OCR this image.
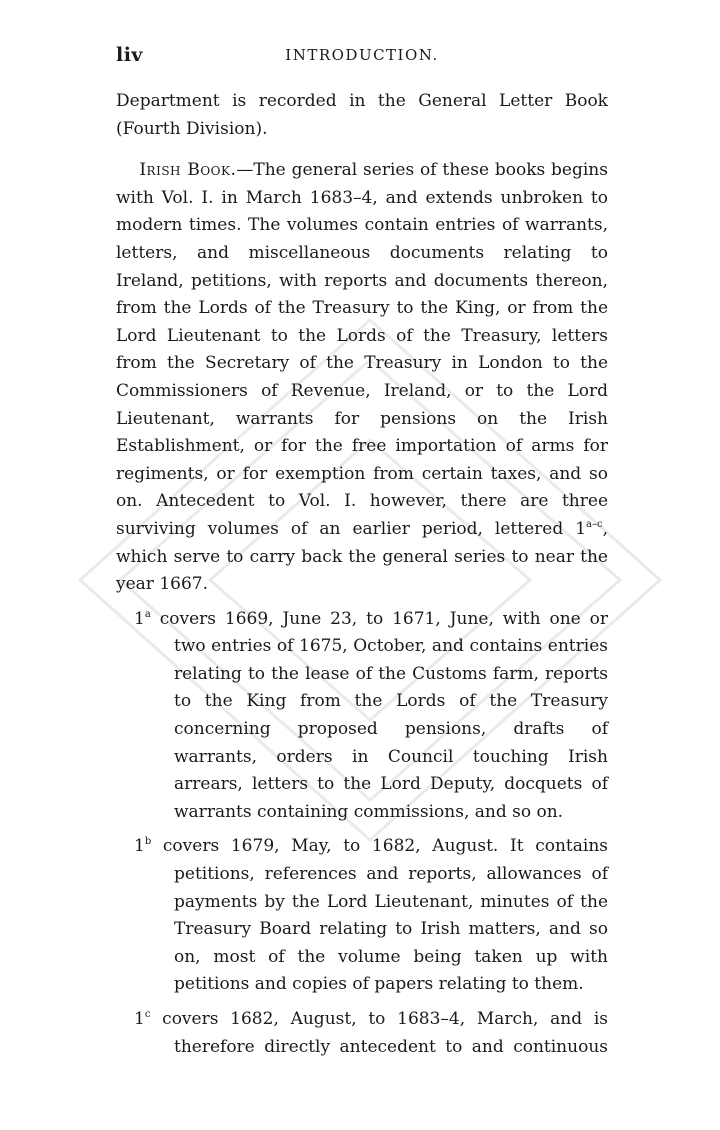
liv	INTRODUCTION.

Department is recorded in the General Letter Book (Fourth Division).

Irish Book.—The general series of these books begins with Vol. I. in March 1683–4, and extends unbroken to modern times. The volumes contain entries of warrants, letters, and miscellaneous documents relating to Ireland, petitions, with reports and documents thereon, from the Lords of the Treasury to the King, or from the Lord Lieutenant to the Lords of the Treasury, letters from the Secretary of the Treasury in London to the Commissioners of Revenue, Ireland, or to the Lord Lieutenant, warrants for pensions on the Irish Establishment, or for the free importation of arms for regiments, or for exemption from certain taxes, and so on. Antecedent to Vol. I. however, there are three surviving volumes of an earlier period, lettered 1$^{a-c}$, which serve to carry back the general series to near the year 1667.

1$^a$ covers 1669, June 23, to 1671, June, with one or two entries of 1675, October, and contains entries relating to the lease of the Customs farm, reports to the King from the Lords of the Treasury concerning proposed pensions, drafts of warrants, orders in Council touching Irish arrears, letters to the Lord Deputy, docquets of warrants containing commissions, and so on.

1$^b$ covers 1679, May, to 1682, August. It contains petitions, references and reports, allowances of payments by the Lord Lieutenant, minutes of the Treasury Board relating to Irish matters, and so on, most of the volume being taken up with petitions and copies of papers relating to them.

1$^c$ covers 1682, August, to 1683–4, March, and is therefore directly antecedent to and continuous
